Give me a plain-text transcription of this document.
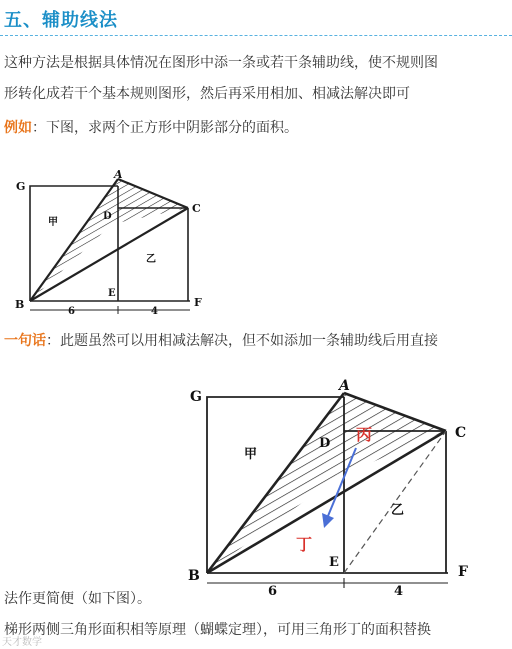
五、辅助线法
这种方法是根据具体情况在图形中添一条或若干条辅助线，使不规则图
形转化成若干个基本规则图形，然后再采用相加、相减法解决即可
例如：下图，求两个正方形中阴影部分的面积。
G
A
C
D
B
E
F
甲
乙
6	4
一句话：此题虽然可以用相减法解决，但不如添加一条辅助线后用直接
G
A
C
D
B
E
F
甲
乙
6	4
丙
丁
法作更简便（如下图）。
梯形两侧三角形面积相等原理（蝴蝶定理），可用三角形丁的面积替换
天才数学
